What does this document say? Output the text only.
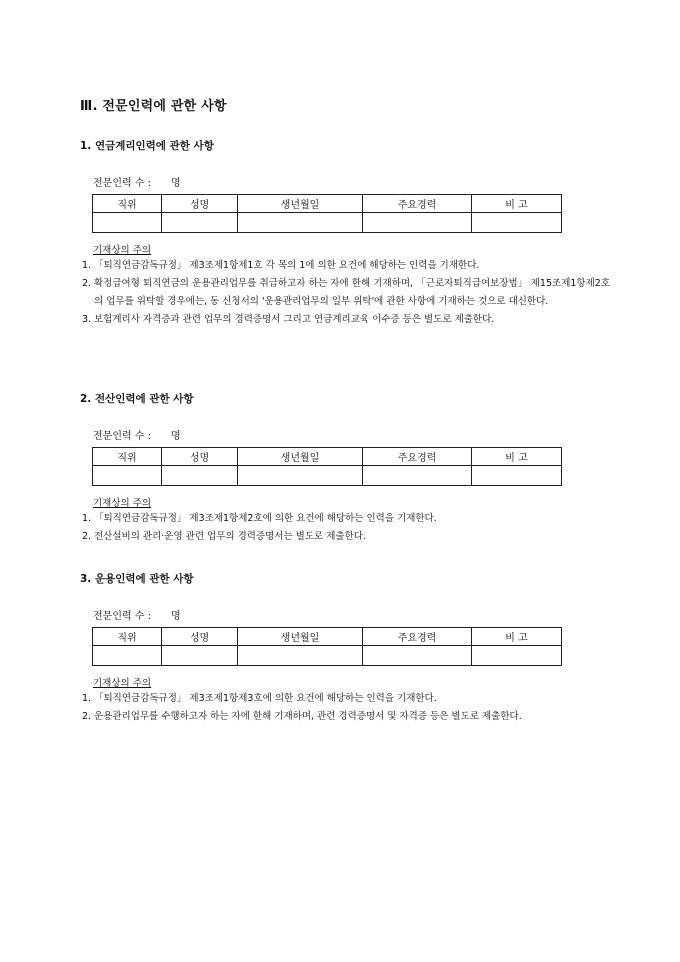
Ⅲ. 전문인력에 관한 사항
1. 연금계리인력에 관한 사항
전문인력 수 : 명
직위	성명	생년월일	주요경력	비 고

기재상의 주의
1. 「퇴직연금감독규정」 제3조제1항제1호 각 목의 1에 의한 요건에 해당하는 인력을 기재한다.
2. 확정급여형 퇴직연금의 운용관리업무를 취급하고자 하는 자에 한해 기재하며, 「근로자퇴직급여보장법」 제15조제1항제2호의 업무를 위탁할 경우에는, 동 신청서의 '운용관리업무의 일부 위탁'에 관한 사항에 기재하는 것으로 대신한다.
3. 보험계리사 자격증과 관련 업무의 경력증명서 그리고 연금계리교육 이수증 등은 별도로 제출한다.
2. 전산인력에 관한 사항
전문인력 수 : 명
직위	성명	생년월일	주요경력	비 고

기재상의 주의
1. 「퇴직연금감독규정」 제3조제1항제2호에 의한 요건에 해당하는 인력을 기재한다.
2. 전산설비의 관리·운영 관련 업무의 경력증명서는 별도로 제출한다.
3. 운용인력에 관한 사항
전문인력 수 : 명
직위	성명	생년월일	주요경력	비 고

기재상의 주의
1. 「퇴직연금감독규정」 제3조제1항제3호에 의한 요건에 해당하는 인력을 기재한다.
2. 운용관리업무를 수행하고자 하는 자에 한해 기재하며, 관련 경력증명서 및 자격증 등은 별도로 제출한다.
